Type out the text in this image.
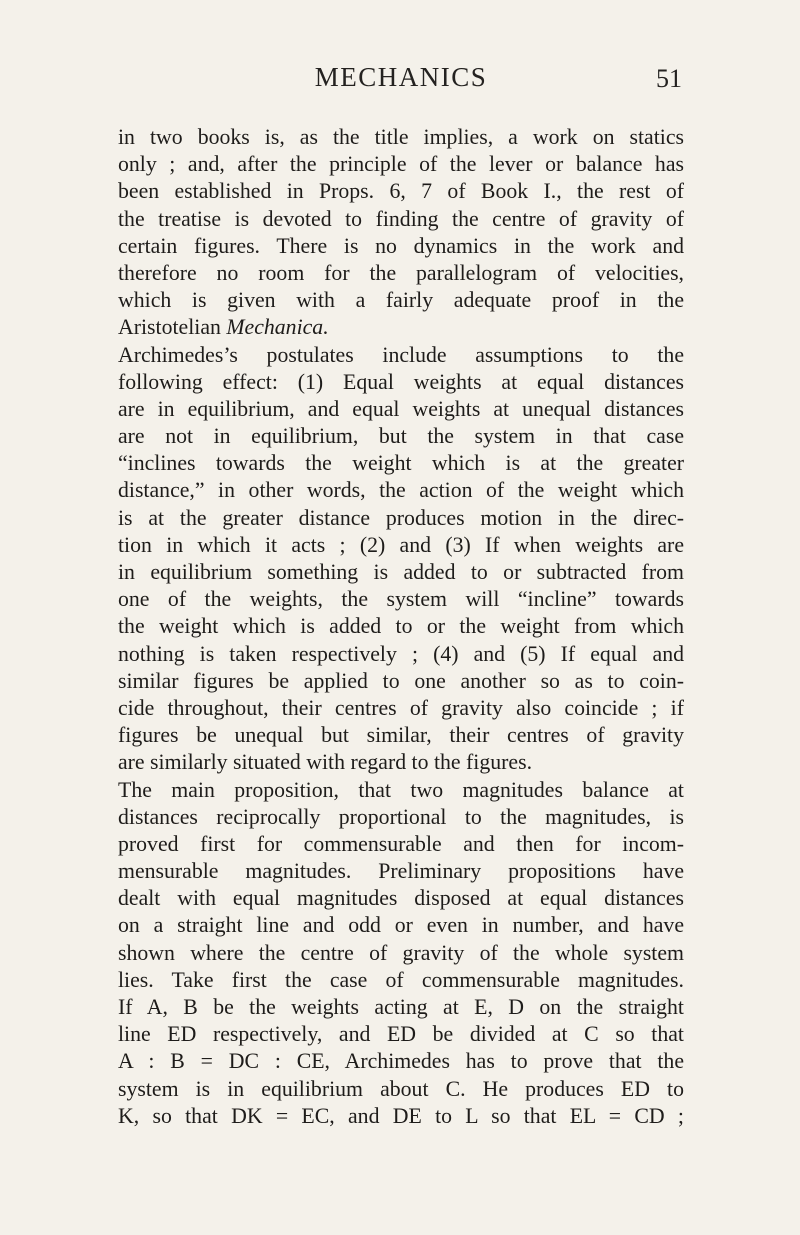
MECHANICS	51
in two books is, as the title implies, a work on statics
only ; and, after the principle of the lever or balance has
been established in Props. 6, 7 of Book I., the rest of
the treatise is devoted to finding the centre of gravity of
certain figures. There is no dynamics in the work and
therefore no room for the parallelogram of velocities,
which is given with a fairly adequate proof in the
Aristotelian Mechanica.
Archimedes’s postulates include assumptions to the
following effect: (1) Equal weights at equal distances
are in equilibrium, and equal weights at unequal distances
are not in equilibrium, but the system in that case
“inclines towards the weight which is at the greater
distance,” in other words, the action of the weight which
is at the greater distance produces motion in the direc-
tion in which it acts ; (2) and (3) If when weights are
in equilibrium something is added to or subtracted from
one of the weights, the system will “incline” towards
the weight which is added to or the weight from which
nothing is taken respectively ; (4) and (5) If equal and
similar figures be applied to one another so as to coin-
cide throughout, their centres of gravity also coincide ; if
figures be unequal but similar, their centres of gravity
are similarly situated with regard to the figures.
The main proposition, that two magnitudes balance at
distances reciprocally proportional to the magnitudes, is
proved first for commensurable and then for incom-
mensurable magnitudes. Preliminary propositions have
dealt with equal magnitudes disposed at equal distances
on a straight line and odd or even in number, and have
shown where the centre of gravity of the whole system
lies. Take first the case of commensurable magnitudes.
If A, B be the weights acting at E, D on the straight
line ED respectively, and ED be divided at C so that
A : B = DC : CE, Archimedes has to prove that the
system is in equilibrium about C. He produces ED to
K, so that DK = EC, and DE to L so that EL = CD ;
